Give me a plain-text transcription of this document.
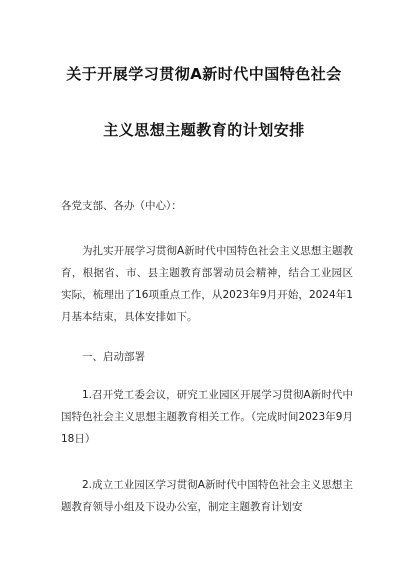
关于开展学习贯彻A新时代中国特色社会
主义思想主题教育的计划安排
各党支部、各办（中心）：
为扎实开展学习贯彻A新时代中国特色社会主义思想主题教育，根据省、市、县主题教育部署动员会精神，结合工业园区实际，梳理出了16项重点工作，从2023年9月开始，2024年1月基本结束，具体安排如下。
一、启动部署
1.召开党工委会议，研究工业园区开展学习贯彻A新时代中国特色社会主义思想主题教育相关工作。（完成时间2023年9月18日）
2.成立工业园区学习贯彻A新时代中国特色社会主义思想主题教育领导小组及下设办公室，制定主题教育计划安
